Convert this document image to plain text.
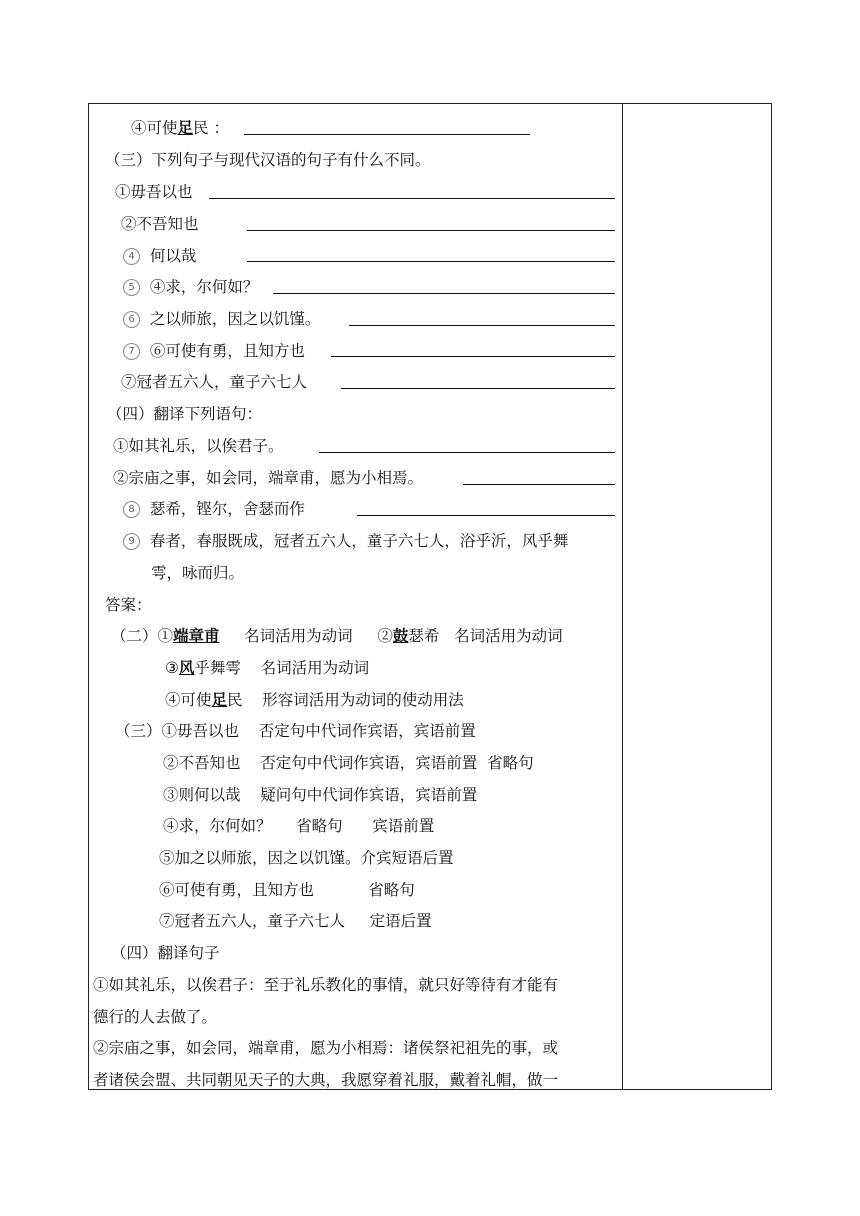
④可使足民 ：
（三）下列句子与现代汉语的句子有什么不同。
①毋吾以也
②不吾知也
4 何以哉
5 ④求，尔何如？
6 之以师旅，因之以饥馑。
7 ⑥可使有勇，且知方也
⑦冠者五六人，童子六七人
（四）翻译下列语句：
①如其礼乐，以俟君子。
②宗庙之事，如会同，端章甫，愿为小相焉。
8 瑟希，铿尔，舍瑟而作
9 春者，春服既成，冠者五六人，童子六七人，浴乎沂，风乎舞
雩，咏而归。
答案：
（二）①端章甫 名词活用为动词 ②鼓瑟希 名词活用为动词
③风乎舞雩 名词活用为动词
④可使足民 形容词活用为动词的使动用法
（三）①毋吾以也 否定句中代词作宾语，宾语前置
②不吾知也 否定句中代词作宾语，宾语前置  省略句
③则何以哉 疑问句中代词作宾语，宾语前置
④求，尔何如？ 省略句      宾语前置
⑤加之以师旅，因之以饥馑。介宾短语后置
⑥可使有勇，且知方也	省略句
⑦冠者五六人，童子六七人 定语后置
（四）翻译句子
①如其礼乐，以俟君子：至于礼乐教化的事情，就只好等待有才能有
德行的人去做了。
②宗庙之事，如会同，端章甫，愿为小相焉：诸侯祭祀祖先的事，或
者诸侯会盟、共同朝见天子的大典，我愿穿着礼服，戴着礼帽，做一
